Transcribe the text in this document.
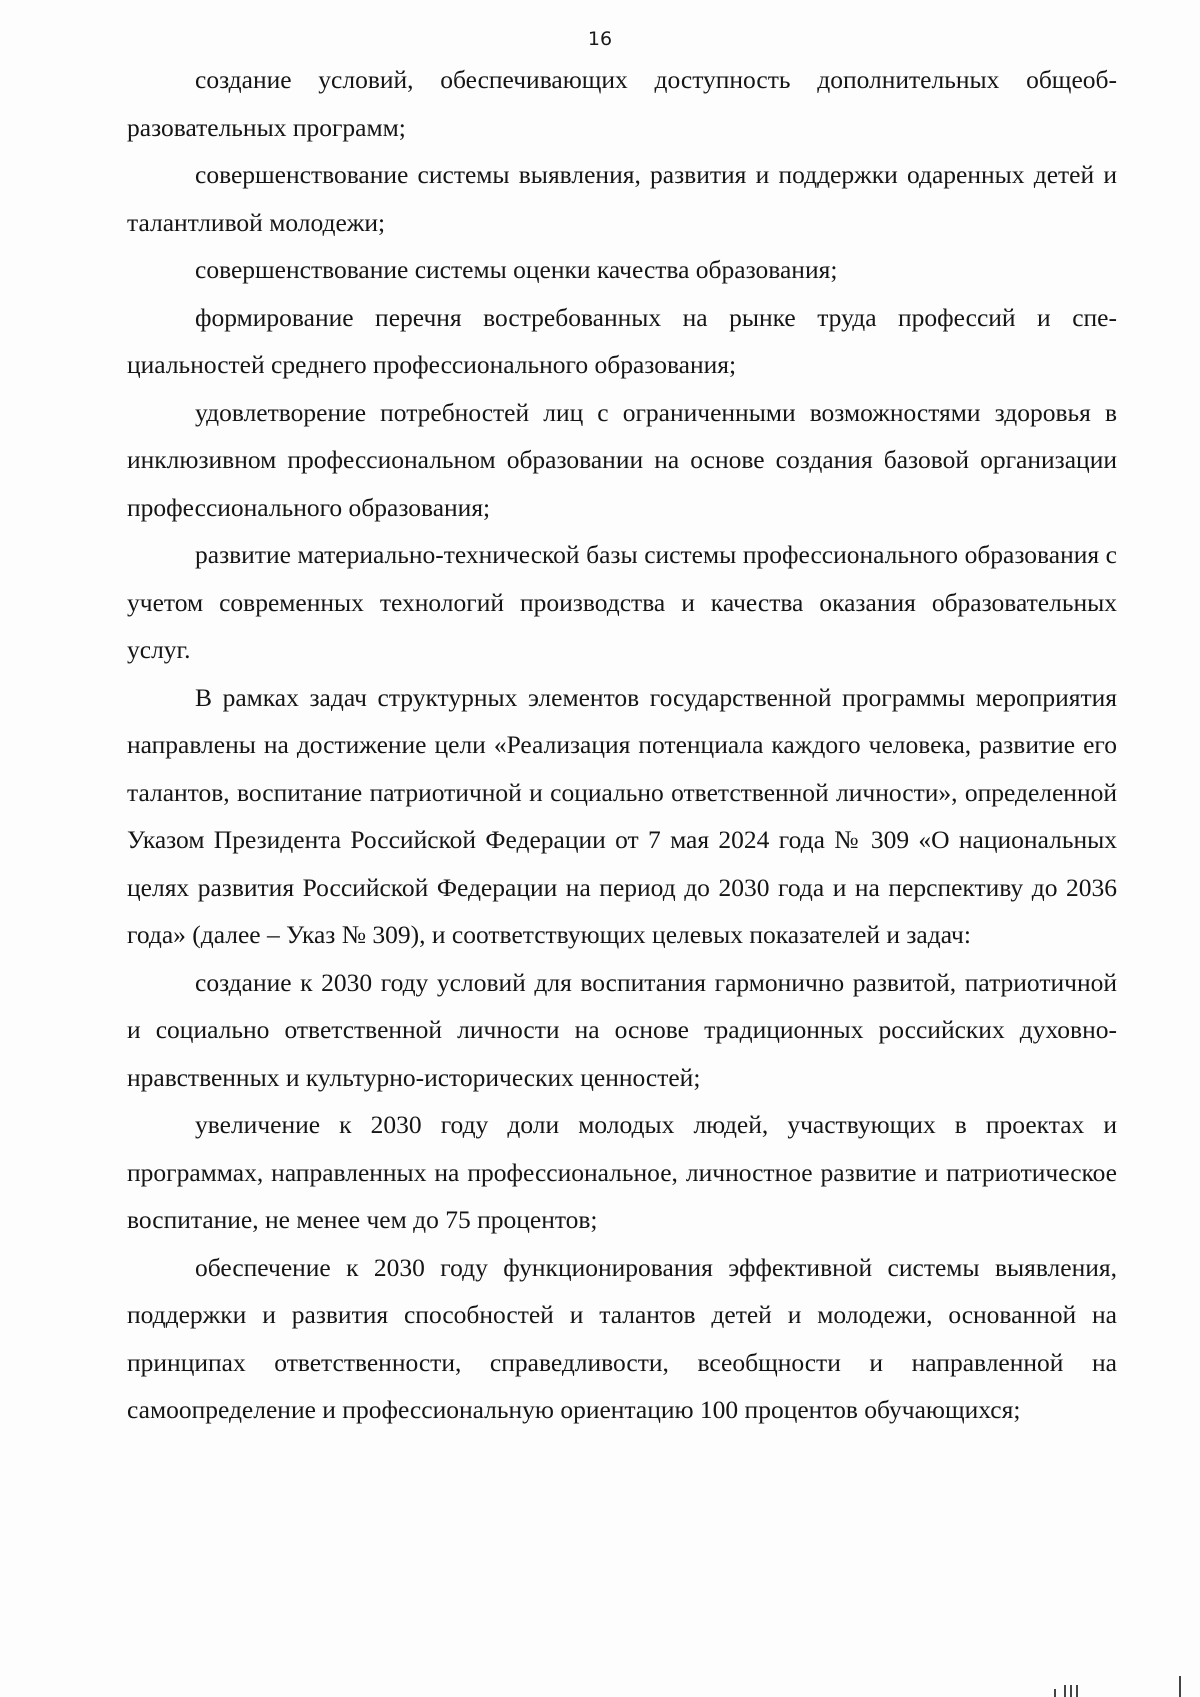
16

создание условий, обеспечивающих доступность дополнительных общеобразовательных программ;

совершенствование системы выявления, развития и поддержки одаренных детей и талантливой молодежи;

совершенствование системы оценки качества образования;

формирование перечня востребованных на рынке труда профессий и специальностей среднего профессионального образования;

удовлетворение потребностей лиц с ограниченными возможностями здоровья в инклюзивном профессиональном образовании на основе создания базовой организации профессионального образования;

развитие материально-технической базы системы профессионального образования с учетом современных технологий производства и качества оказания образовательных услуг.

В рамках задач структурных элементов государственной программы мероприятия направлены на достижение цели «Реализация потенциала каждого человека, развитие его талантов, воспитание патриотичной и социально ответственной личности», определенной Указом Президента Российской Федерации от 7 мая 2024 года № 309 «О национальных целях развития Российской Федерации на период до 2030 года и на перспективу до 2036 года» (далее – Указ № 309), и соответствующих целевых показателей и задач:

создание к 2030 году условий для воспитания гармонично развитой, патриотичной и социально ответственной личности на основе традиционных российских духовно-нравственных и культурно-исторических ценностей;

увеличение к 2030 году доли молодых людей, участвующих в проектах и программах, направленных на профессиональное, личностное развитие и патриотическое воспитание, не менее чем до 75 процентов;

обеспечение к 2030 году функционирования эффективной системы выявления, поддержки и развития способностей и талантов детей и молодежи, основанной на принципах ответственности, справедливости, всеобщности и направленной на самоопределение и профессиональную ориентацию 100 процентов обучающихся;
